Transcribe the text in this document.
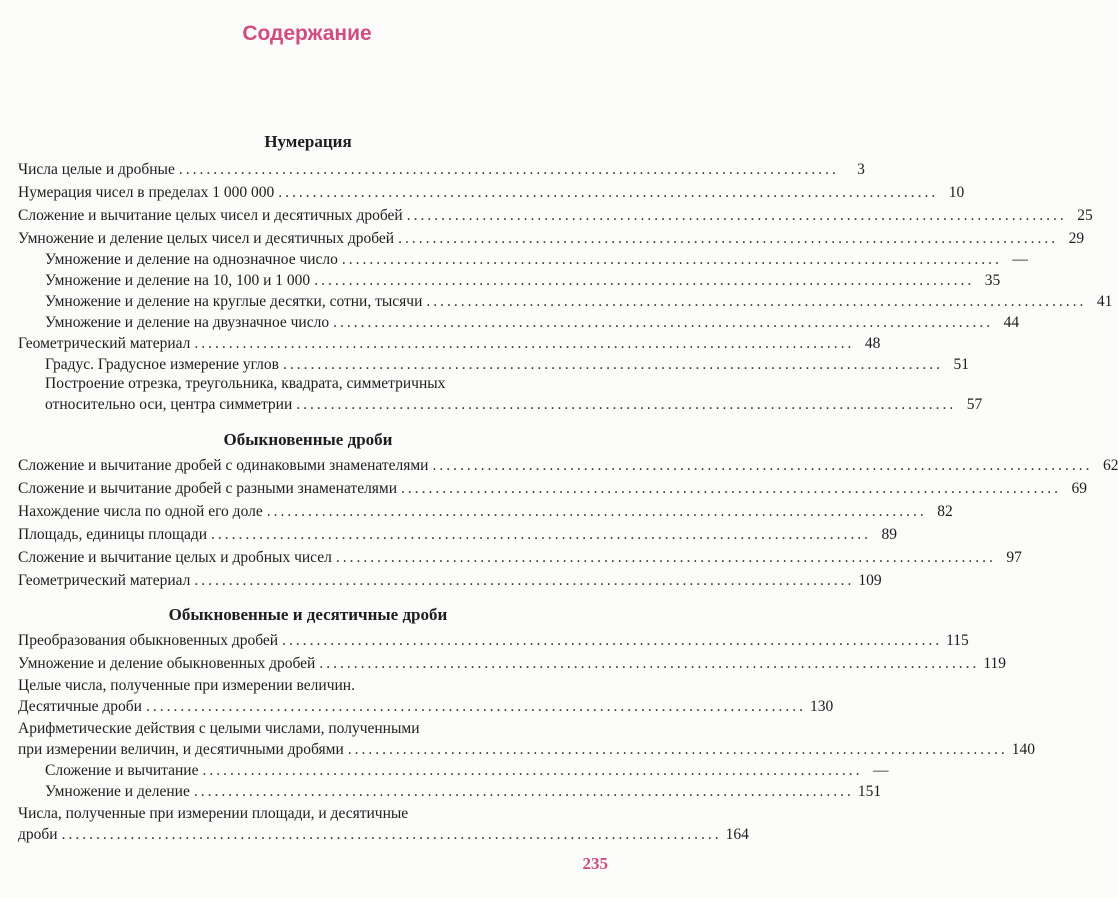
Содержание
Нумерация
Числа целые и дробные ................................................................................................	3
Нумерация чисел в пределах 1 000 000 ................................................................................................ 10
Сложение и вычитание целых чисел и десятичных дробей ................................................................................................ 25
Умножение и деление целых чисел и десятичных дробей ................................................................................................ 29
Умножение и деление на однозначное число ................................................................................................ —
Умножение и деление на 10, 100 и 1 000 ................................................................................................ 35
Умножение и деление на круглые десятки, сотни, тысячи ................................................................................................ 41
Умножение и деление на двузначное число ................................................................................................ 44
Геометрический материал ................................................................................................ 48
Градус. Градусное измерение углов ................................................................................................ 51
Построение отрезка, треугольника, квадрата, симметричных
относительно оси, центра симметрии ................................................................................................ 57
Обыкновенные дроби
Сложение и вычитание дробей с одинаковыми знаменателями ................................................................................................ 62
Сложение и вычитание дробей с разными знаменателями ................................................................................................ 69
Нахождение числа по одной его доле ................................................................................................ 82
Площадь, единицы площади ................................................................................................ 89
Сложение и вычитание целых и дробных чисел ................................................................................................ 97
Геометрический материал ................................................................................................ 109
Обыкновенные и десятичные дроби
Преобразования обыкновенных дробей ................................................................................................ 115
Умножение и деление обыкновенных дробей ................................................................................................ 119
Целые числа, полученные при измерении величин.
Десятичные дроби ................................................................................................ 130
Арифметические действия с целыми числами, полученными
при измерении величин, и десятичными дробями ................................................................................................ 140
Сложение и вычитание ................................................................................................ —
Умножение и деление ................................................................................................ 151
Числа, полученные при измерении площади, и десятичные
дроби ................................................................................................ 164
235
